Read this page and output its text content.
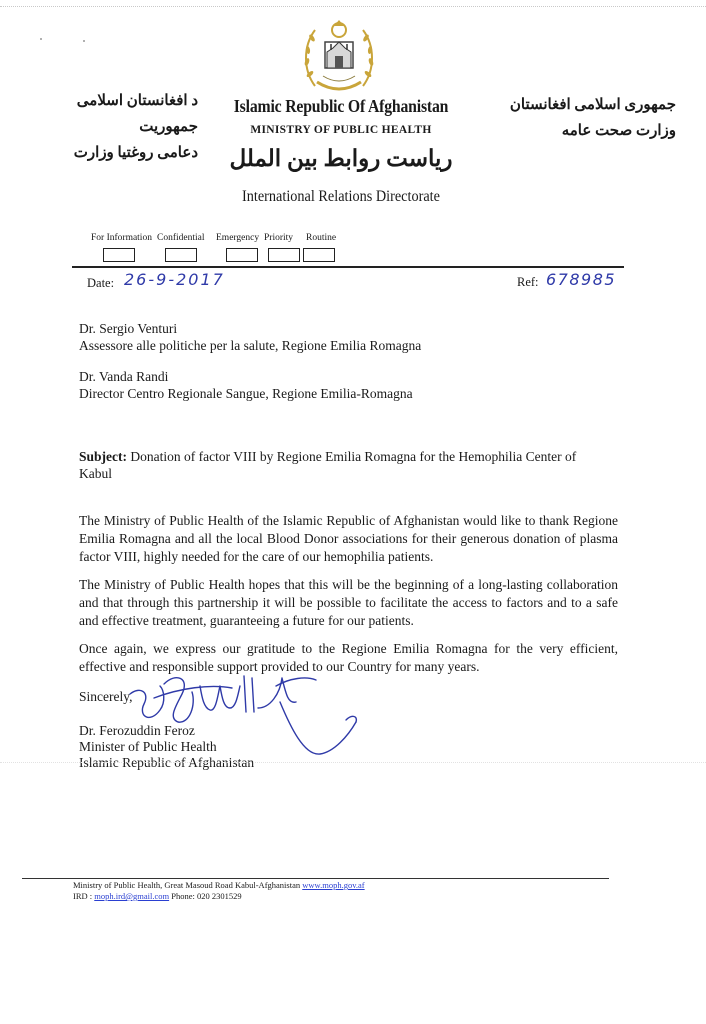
د افغانستان اسلامی جمهوریت
دعامی روغتیا وزارت
جمهوری اسلامی افغانستان
وزارت صحت عامه
Islamic Republic Of Afghanistan
MINISTRY OF PUBLIC HEALTH
ریاست روابط بین الملل
International Relations Directorate
For Information Confidential Emergency Priority Routine
Date: 26-9-2017	Ref: 678985
Dr. Sergio Venturi
Assessore alle politiche per la salute, Regione Emilia Romagna
Dr. Vanda Randi
Director Centro Regionale Sangue, Regione Emilia-Romagna
Subject: Donation of factor VIII by Regione Emilia Romagna for the Hemophilia Center of
Kabul
The Ministry of Public Health of the Islamic Republic of Afghanistan would like to thank Regione Emilia Romagna and all the local Blood Donor associations for their generous donation of plasma factor VIII, highly needed for the care of our hemophilia patients.
The Ministry of Public Health hopes that this will be the beginning of a long-lasting collaboration and that through this partnership it will be possible to facilitate the access to factors and to a safe and effective treatment, guaranteeing a future for our patients.
Once again, we express our gratitude to the Regione Emilia Romagna for the very efficient, effective and responsible support provided to our Country for many years.
Sincerely,
Dr. Ferozuddin Feroz
Minister of Public Health
Islamic Republic of Afghanistan
Ministry of Public Health, Great Masoud Road Kabul-Afghanistan www.moph.gov.af
IRD : moph.ird@gmail.com Phone: 020 2301529
